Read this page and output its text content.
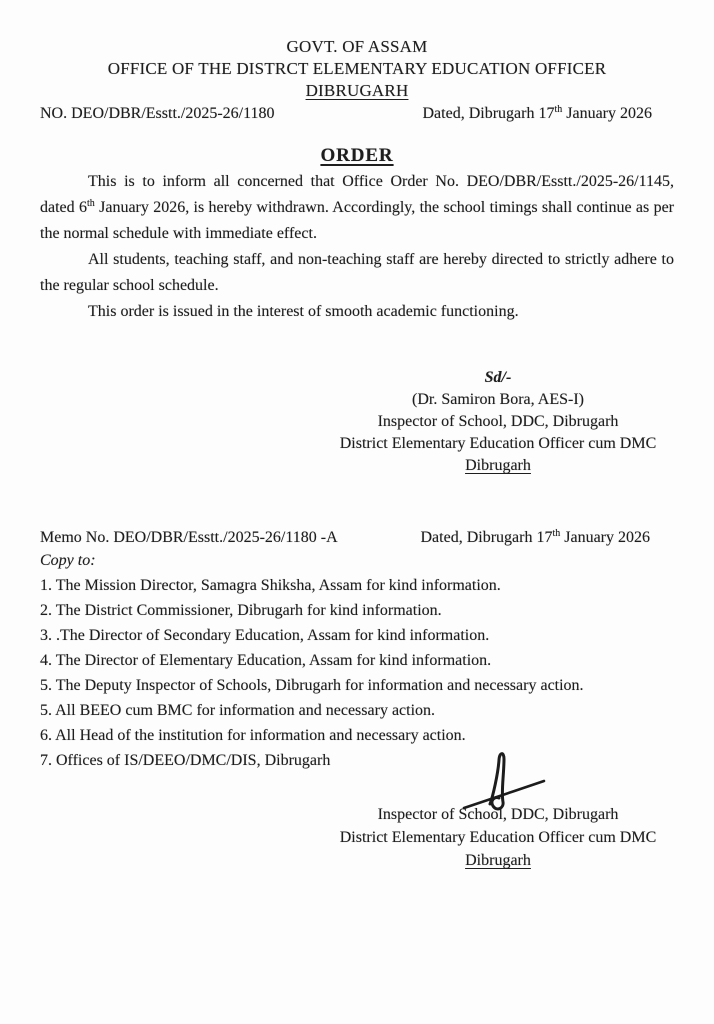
GOVT. OF ASSAM
OFFICE OF THE DISTRCT ELEMENTARY EDUCATION OFFICER
DIBRUGARH
NO. DEO/DBR/Esstt./2025-26/1180	Dated, Dibrugarh 17th January 2026
ORDER

This is to inform all concerned that Office Order No. DEO/DBR/Esstt./2025-26/1145, dated 6th January 2026, is hereby withdrawn. Accordingly, the school timings shall continue as per the normal schedule with immediate effect.

All students, teaching staff, and non-teaching staff are hereby directed to strictly adhere to the regular school schedule.

This order is issued in the interest of smooth academic functioning.

Sd/-
(Dr. Samiron Bora, AES-I)
Inspector of School, DDC, Dibrugarh
District Elementary Education Officer cum DMC
Dibrugarh
Memo No. DEO/DBR/Esstt./2025-26/1180 -A	Dated, Dibrugarh 17th January 2026
Copy to:
1. The Mission Director, Samagra Shiksha, Assam for kind information.
2. The District Commissioner, Dibrugarh for kind information.
3. .The Director of Secondary Education, Assam for kind information.
4. The Director of Elementary Education, Assam for kind information.
5. The Deputy Inspector of Schools, Dibrugarh for information and necessary action.
5. All BEEO cum BMC for information and necessary action.
6. All Head of the institution for information and necessary action.
7. Offices of IS/DEEO/DMC/DIS, Dibrugarh
Inspector of School, DDC, Dibrugarh
District Elementary Education Officer cum DMC
Dibrugarh
